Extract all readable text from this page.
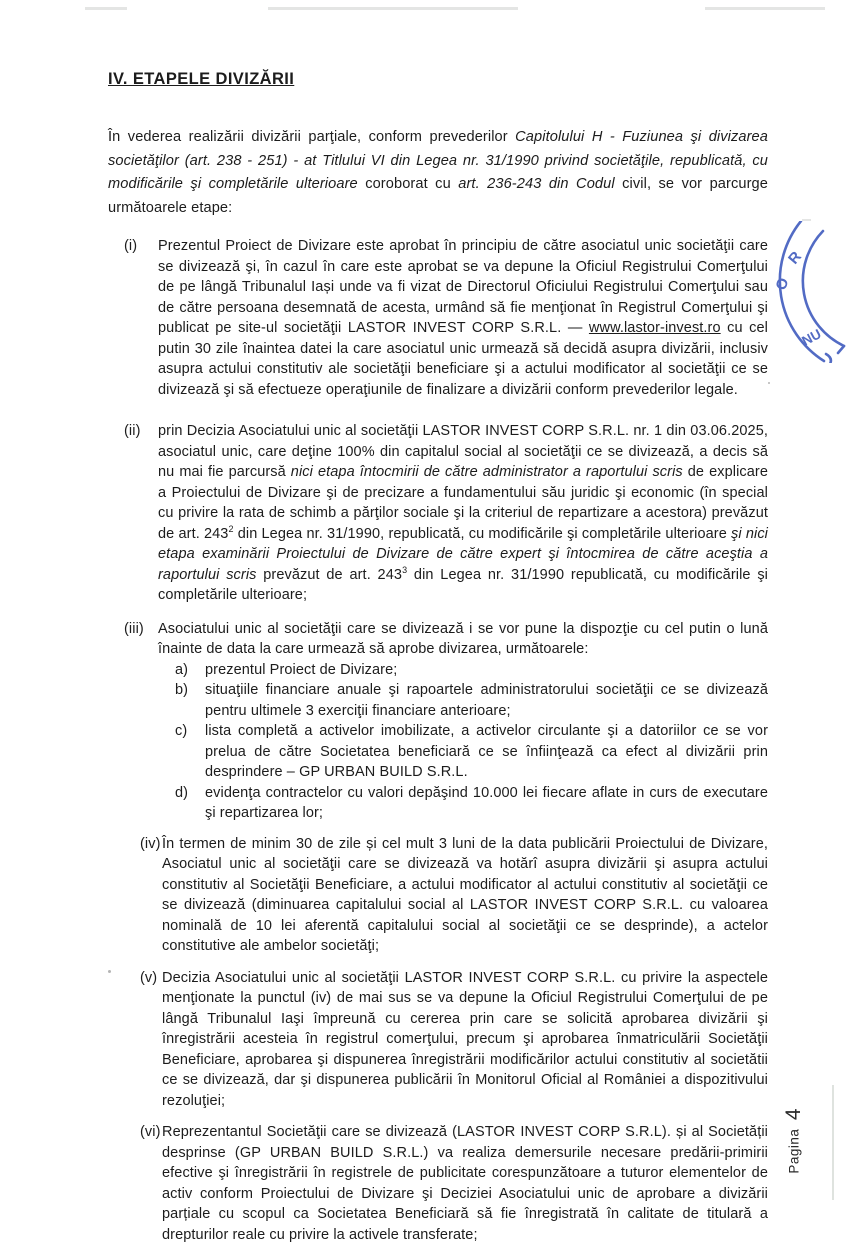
IV. ETAPELE DIVIZĂRII

În vederea realizării divizării parţiale, conform prevederilor Capitolului H - Fuziunea şi divizarea societăţilor (art. 238 - 251) - at Titlului VI din Legea nr. 31/1990 privind societăţile, republicată, cu modificările şi completările ulterioare coroborat cu art. 236-243 din Codul civil, se vor parcurge următoarele etape:

(i) Prezentul Proiect de Divizare este aprobat în principiu de către asociatul unic societăţii care se divizează şi, în cazul în care este aprobat se va depune la Oficiul Registrului Comerţului de pe lângă Tribunalul Iași unde va fi vizat de Directorul Oficiului Registrului Comerţului sau de către persoana desemnată de acesta, urmând să fie menţionat în Registrul Comerţului şi publicat pe site-ul societăţii LASTOR INVEST CORP S.R.L. — www.lastor-invest.ro cu cel putin 30 zile înaintea datei la care asociatul unic urmează să decidă asupra divizării, inclusiv asupra actului constitutiv ale societăţii beneficiare şi a actului modificator al societăţii ce se divizează şi să efectueze operaţiunile de finalizare a divizării conform prevederilor legale.
(ii) prin Decizia Asociatului unic al societăţii LASTOR INVEST CORP S.R.L. nr. 1 din 03.06.2025, asociatul unic, care deţine 100% din capitalul social al societăţii ce se divizează, a decis să nu mai fie parcursă nici etapa întocmirii de către administrator a raportului scris de explicare a Proiectului de Divizare şi de precizare a fundamentului său juridic şi economic (în special cu privire la rata de schimb a părţilor sociale şi la criteriul de repartizare a acestora) prevăzut de art. $243^2$ din Legea nr. 31/1990, republicată, cu modificările şi completările ulterioare şi nici etapa examinării Proiectului de Divizare de către expert şi întocmirea de către aceştia a raportului scris prevăzut de art. $243^3$ din Legea nr. 31/1990 republicată, cu modificările şi completările ulterioare;
(iii) Asociatului unic al societăţii care se divizează i se vor pune la dispozţie cu cel putin o lună înainte de data la care urmează să aprobe divizarea, următoarele:
a) prezentul Proiect de Divizare;
b) situaţiile financiare anuale şi rapoartele administratorului societăţii ce se divizează pentru ultimele 3 exerciţii financiare anterioare;
c) lista completă a activelor imobilizate, a activelor circulante şi a datoriilor ce se vor prelua de către Societatea beneficiară ce se înfiinţează ca efect al divizării prin desprindere – GP URBAN BUILD S.R.L.
d) evidenţa contractelor cu valori depăşind 10.000 lei fiecare aflate in curs de executare şi repartizarea lor;
(iv) În termen de minim 30 de zile și cel mult 3 luni de la data publicării Proiectului de Divizare, Asociatul unic al societăţii care se divizează va hotărî asupra divizării şi asupra actului constitutiv al Societăţii Beneficiare, a actului modificator al actului constitutiv al societăţii ce se divizează (diminuarea capitalului social al LASTOR INVEST CORP S.R.L. cu valoarea nominală de 10 lei aferentă capitalului social al societăţii ce se desprinde), a actelor constitutive ale ambelor societăţi;
(v) Decizia Asociatului unic al societăţii LASTOR INVEST CORP S.R.L. cu privire la aspectele menţionate la punctul (iv) de mai sus se va depune la Oficiul Registrului Comerţului de pe lângă Tribunalul Iaşi împreună cu cererea prin care se solicită aprobarea divizării şi înregistrării acesteia în registrul comerţului, precum şi aprobarea înmatriculării Societăţii Beneficiare, aprobarea şi dispunerea înregistrării modificărilor actului constitutiv al societătii ce se divizează, dar şi dispunerea publicării în Monitorul Oficial al României a dispozitivului rezoluţiei;
(vi) Reprezentantul Societăţii care se divizează (LASTOR INVEST CORP S.R.L). și al Societății desprinse (GP URBAN BUILD S.R.L.) va realiza demersurile necesare predării-primirii efective şi înregistrării în registrele de publicitate corespunzătoare a tuturor elementelor de activ conform Proiectului de Divizare şi Deciziei Asociatului unic de aprobare a divizării parțiale cu scopul ca Societatea Beneficiară să fie înregistrată în calitate de titulară a drepturilor reale cu privire la activele transferate;
R
O
NU
Pagina 4
